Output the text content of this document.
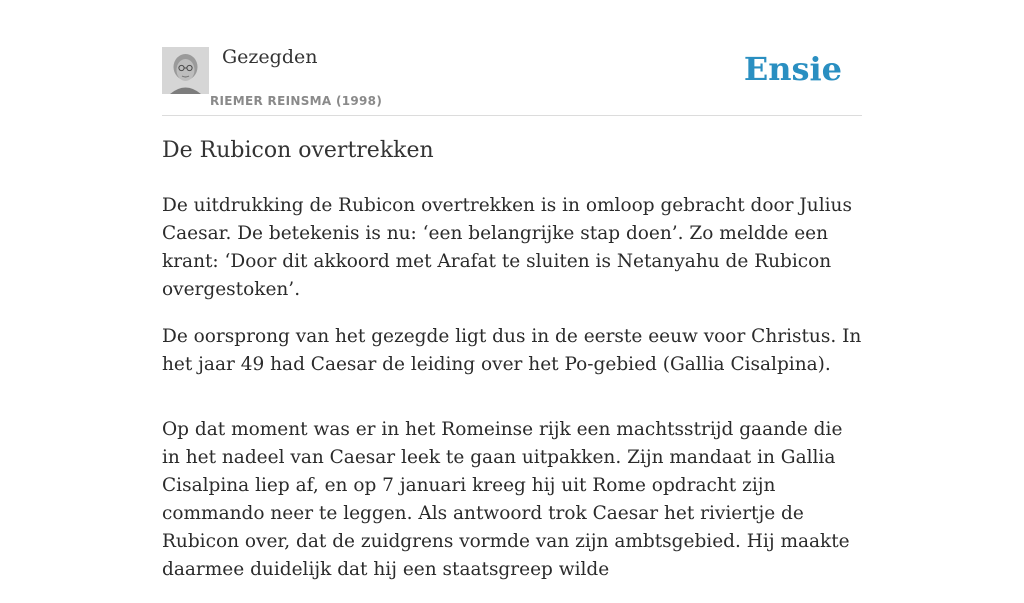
Gezegden
RIEMER REINSMA (1998)
Ensie
De Rubicon overtrekken

De uitdrukking de Rubicon overtrekken is in omloop gebracht door Julius Caesar. De betekenis is nu: ‘een belangrijke stap doen’. Zo meldde een krant: ‘Door dit akkoord met Arafat te sluiten is Netanyahu de Rubicon overgestoken’.

De oorsprong van het gezegde ligt dus in de eerste eeuw voor Christus. In het jaar 49 had Caesar de leiding over het Po-gebied (Gallia Cisalpina).

Op dat moment was er in het Romeinse rijk een machtsstrijd gaande die in het nadeel van Caesar leek te gaan uitpakken. Zijn mandaat in Gallia Cisalpina liep af, en op 7 januari kreeg hij uit Rome opdracht zijn commando neer te leggen. Als antwoord trok Caesar het riviertje de Rubicon over, dat de zuidgrens vormde van zijn ambtsgebied. Hij maakte daarmee duidelijk dat hij een staatsgreep wilde
